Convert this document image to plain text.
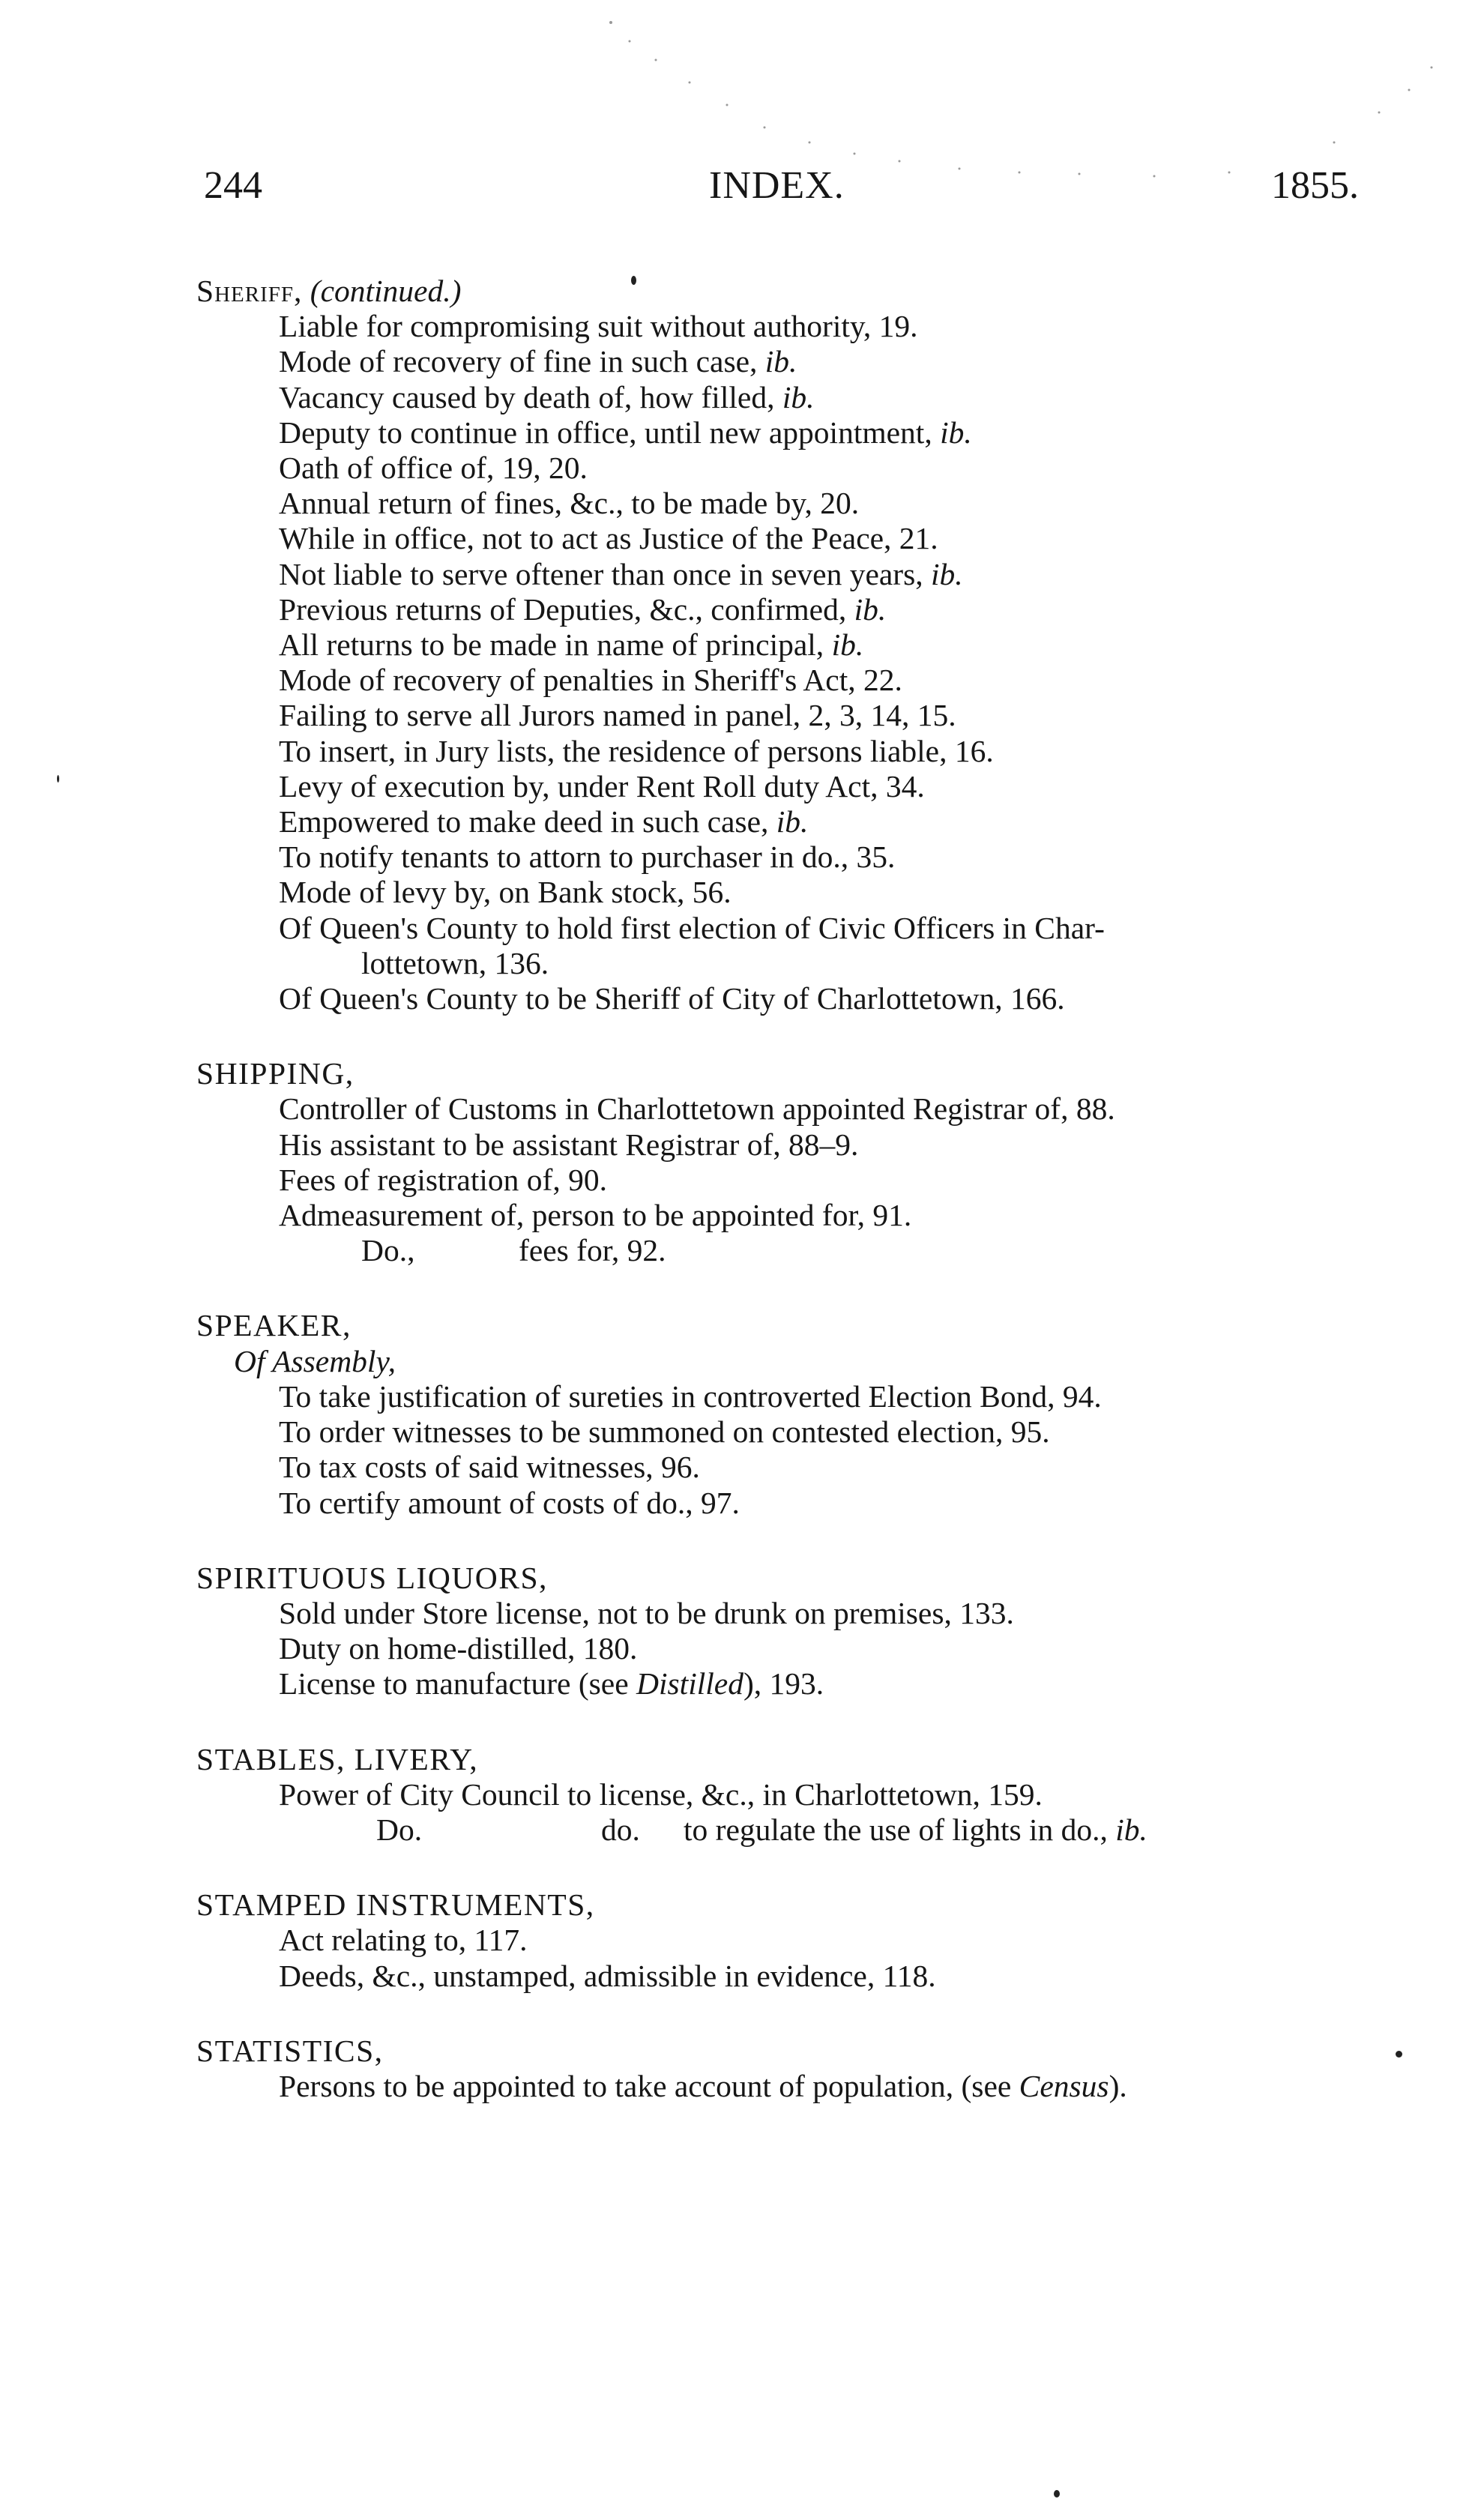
244	INDEX.	1855.
Sheriff, (continued.)
Liable for compromising suit without authority, 19.
Mode of recovery of fine in such case, ib.
Vacancy caused by death of, how filled, ib.
Deputy to continue in office, until new appointment, ib.
Oath of office of, 19, 20.
Annual return of fines, &c., to be made by, 20.
While in office, not to act as Justice of the Peace, 21.
Not liable to serve oftener than once in seven years, ib.
Previous returns of Deputies, &c., confirmed, ib.
All returns to be made in name of principal, ib.
Mode of recovery of penalties in Sheriff's Act, 22.
Failing to serve all Jurors named in panel, 2, 3, 14, 15.
To insert, in Jury lists, the residence of persons liable, 16.
Levy of execution by, under Rent Roll duty Act, 34.
Empowered to make deed in such case, ib.
To notify tenants to attorn to purchaser in do., 35.
Mode of levy by, on Bank stock, 56.
Of Queen's County to hold first election of Civic Officers in Char-
lottetown, 136.
Of Queen's County to be Sheriff of City of Charlottetown, 166.
SHIPPING,
Controller of Customs in Charlottetown appointed Registrar of, 88.
His assistant to be assistant Registrar of, 88–9.
Fees of registration of, 90.
Admeasurement of, person to be appointed for, 91.
Do.,	fees for, 92.
SPEAKER,
Of Assembly,
To take justification of sureties in controverted Election Bond, 94.
To order witnesses to be summoned on contested election, 95.
To tax costs of said witnesses, 96.
To certify amount of costs of do., 97.
SPIRITUOUS LIQUORS,
Sold under Store license, not to be drunk on premises, 133.
Duty on home-distilled, 180.
License to manufacture (see Distilled), 193.
STABLES, LIVERY,
Power of City Council to license, &c., in Charlottetown, 159.
Do.	do. to regulate the use of lights in do., ib.
STAMPED INSTRUMENTS,
Act relating to, 117.
Deeds, &c., unstamped, admissible in evidence, 118.
STATISTICS,
Persons to be appointed to take account of population, (see Census).
